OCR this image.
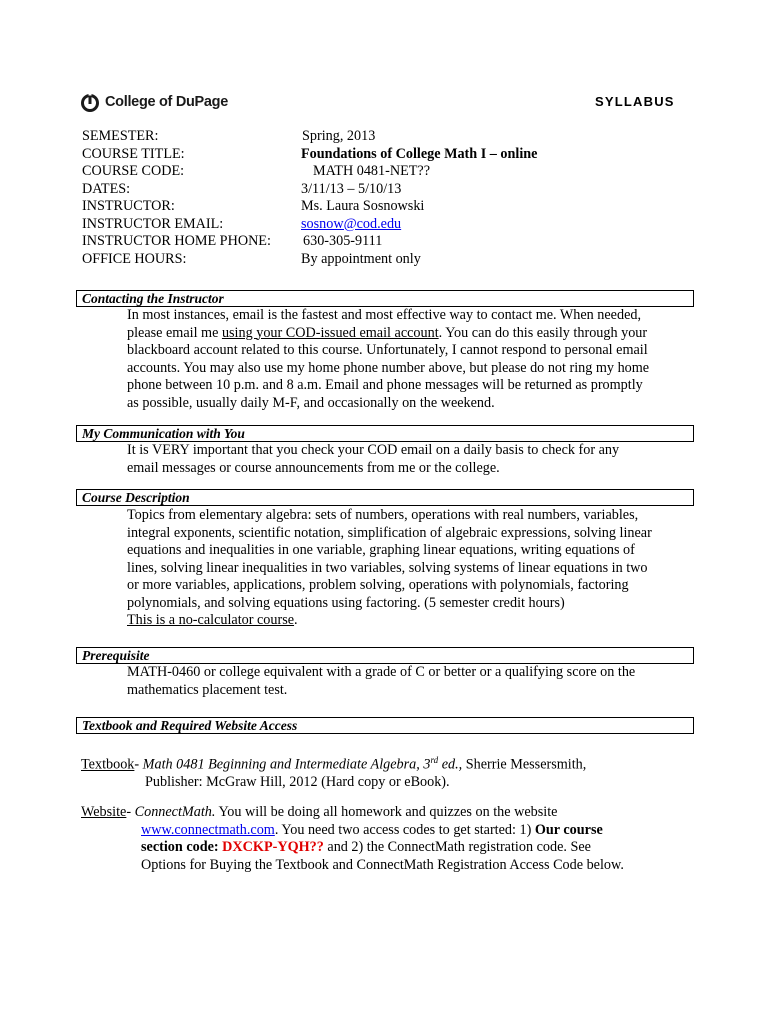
College of DuPage	SYLLABUS
SEMESTER:	Spring, 2013
COURSE TITLE:	Foundations of College Math I – online
COURSE CODE:	MATH 0481-NET??
DATES:	3/11/13 – 5/10/13
INSTRUCTOR:	Ms. Laura Sosnowski
INSTRUCTOR EMAIL:	sosnow@cod.edu
INSTRUCTOR HOME PHONE: 630-305-9111
OFFICE HOURS:	By appointment only
Contacting the Instructor

In most instances, email is the fastest and most effective way to contact me. When needed,

please email me using your COD-issued email account. You can do this easily through your

blackboard account related to this course. Unfortunately, I cannot respond to personal email

accounts. You may also use my home phone number above, but please do not ring my home

phone between 10 p.m. and 8 a.m. Email and phone messages will be returned as promptly

as possible, usually daily M-F, and occasionally on the weekend.

My Communication with You

It is VERY important that you check your COD email on a daily basis to check for any

email messages or course announcements from me or the college.

Course Description

Topics from elementary algebra: sets of numbers, operations with real numbers, variables,

integral exponents, scientific notation, simplification of algebraic expressions, solving linear

equations and inequalities in one variable, graphing linear equations, writing equations of

lines, solving linear inequalities in two variables, solving systems of linear equations in two

or more variables, applications, problem solving, operations with polynomials, factoring

polynomials, and solving equations using factoring. (5 semester credit hours)

This is a no-calculator course.

Prerequisite

MATH-0460 or college equivalent with a grade of C or better or a qualifying score on the

mathematics placement test.

Textbook and Required Website Access
Textbook- Math 0481 Beginning and Intermediate Algebra, 3rd ed., Sherrie Messersmith,
Publisher: McGraw Hill, 2012 (Hard copy or eBook).
Website- ConnectMath. You will be doing all homework and quizzes on the website
www.connectmath.com. You need two access codes to get started: 1) Our course
section code: DXCKP-YQH?? and 2) the ConnectMath registration code. See
Options for Buying the Textbook and ConnectMath Registration Access Code below.
